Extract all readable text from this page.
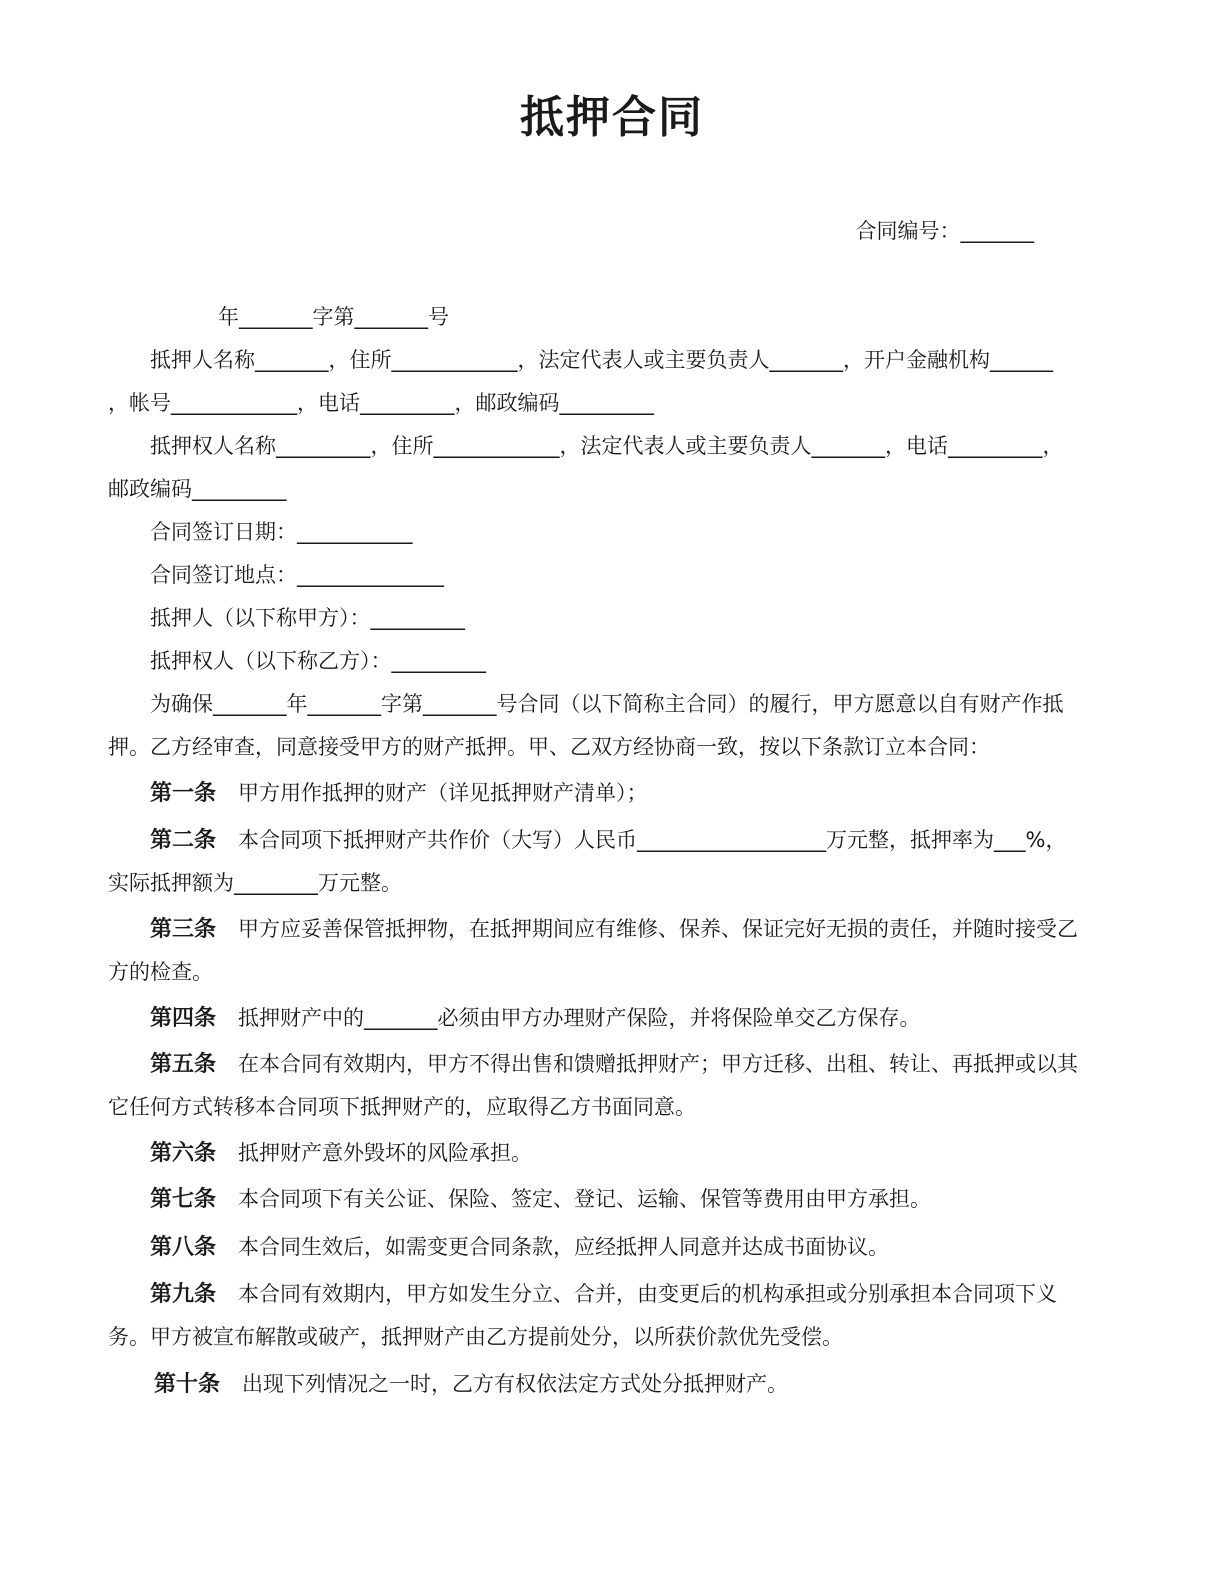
抵押合同
合同编号：_______
年_______字第_______号
抵押人名称_______，住所____________，法定代表人或主要负责人_______，开户金融机构______
，帐号____________，电话_________，邮政编码_________
抵押权人名称_________，住所____________，法定代表人或主要负责人_______，电话_________，
邮政编码_________
合同签订日期：___________
合同签订地点：______________
抵押人（以下称甲方）：_________
抵押权人（以下称乙方）：_________
为确保_______年_______字第_______号合同（以下简称主合同）的履行，甲方愿意以自有财产作抵
押。乙方经审查，同意接受甲方的财产抵押。甲、乙双方经协商一致，按以下条款订立本合同：
第一条 甲方用作抵押的财产（详见抵押财产清单）；
第二条 本合同项下抵押财产共作价（大写）人民币__________________万元整，抵押率为___%，
实际抵押额为________万元整。
第三条 甲方应妥善保管抵押物，在抵押期间应有维修、保养、保证完好无损的责任，并随时接受乙
方的检查。
第四条 抵押财产中的_______必须由甲方办理财产保险，并将保险单交乙方保存。
第五条 在本合同有效期内，甲方不得出售和馈赠抵押财产；甲方迁移、出租、转让、再抵押或以其
它任何方式转移本合同项下抵押财产的，应取得乙方书面同意。
第六条 抵押财产意外毁坏的风险承担。
第七条 本合同项下有关公证、保险、签定、登记、运输、保管等费用由甲方承担。
第八条 本合同生效后，如需变更合同条款，应经抵押人同意并达成书面协议。
第九条 本合同有效期内，甲方如发生分立、合并，由变更后的机构承担或分别承担本合同项下义
务。甲方被宣布解散或破产，抵押财产由乙方提前处分，以所获价款优先受偿。
第十条 出现下列情况之一时，乙方有权依法定方式处分抵押财产。
